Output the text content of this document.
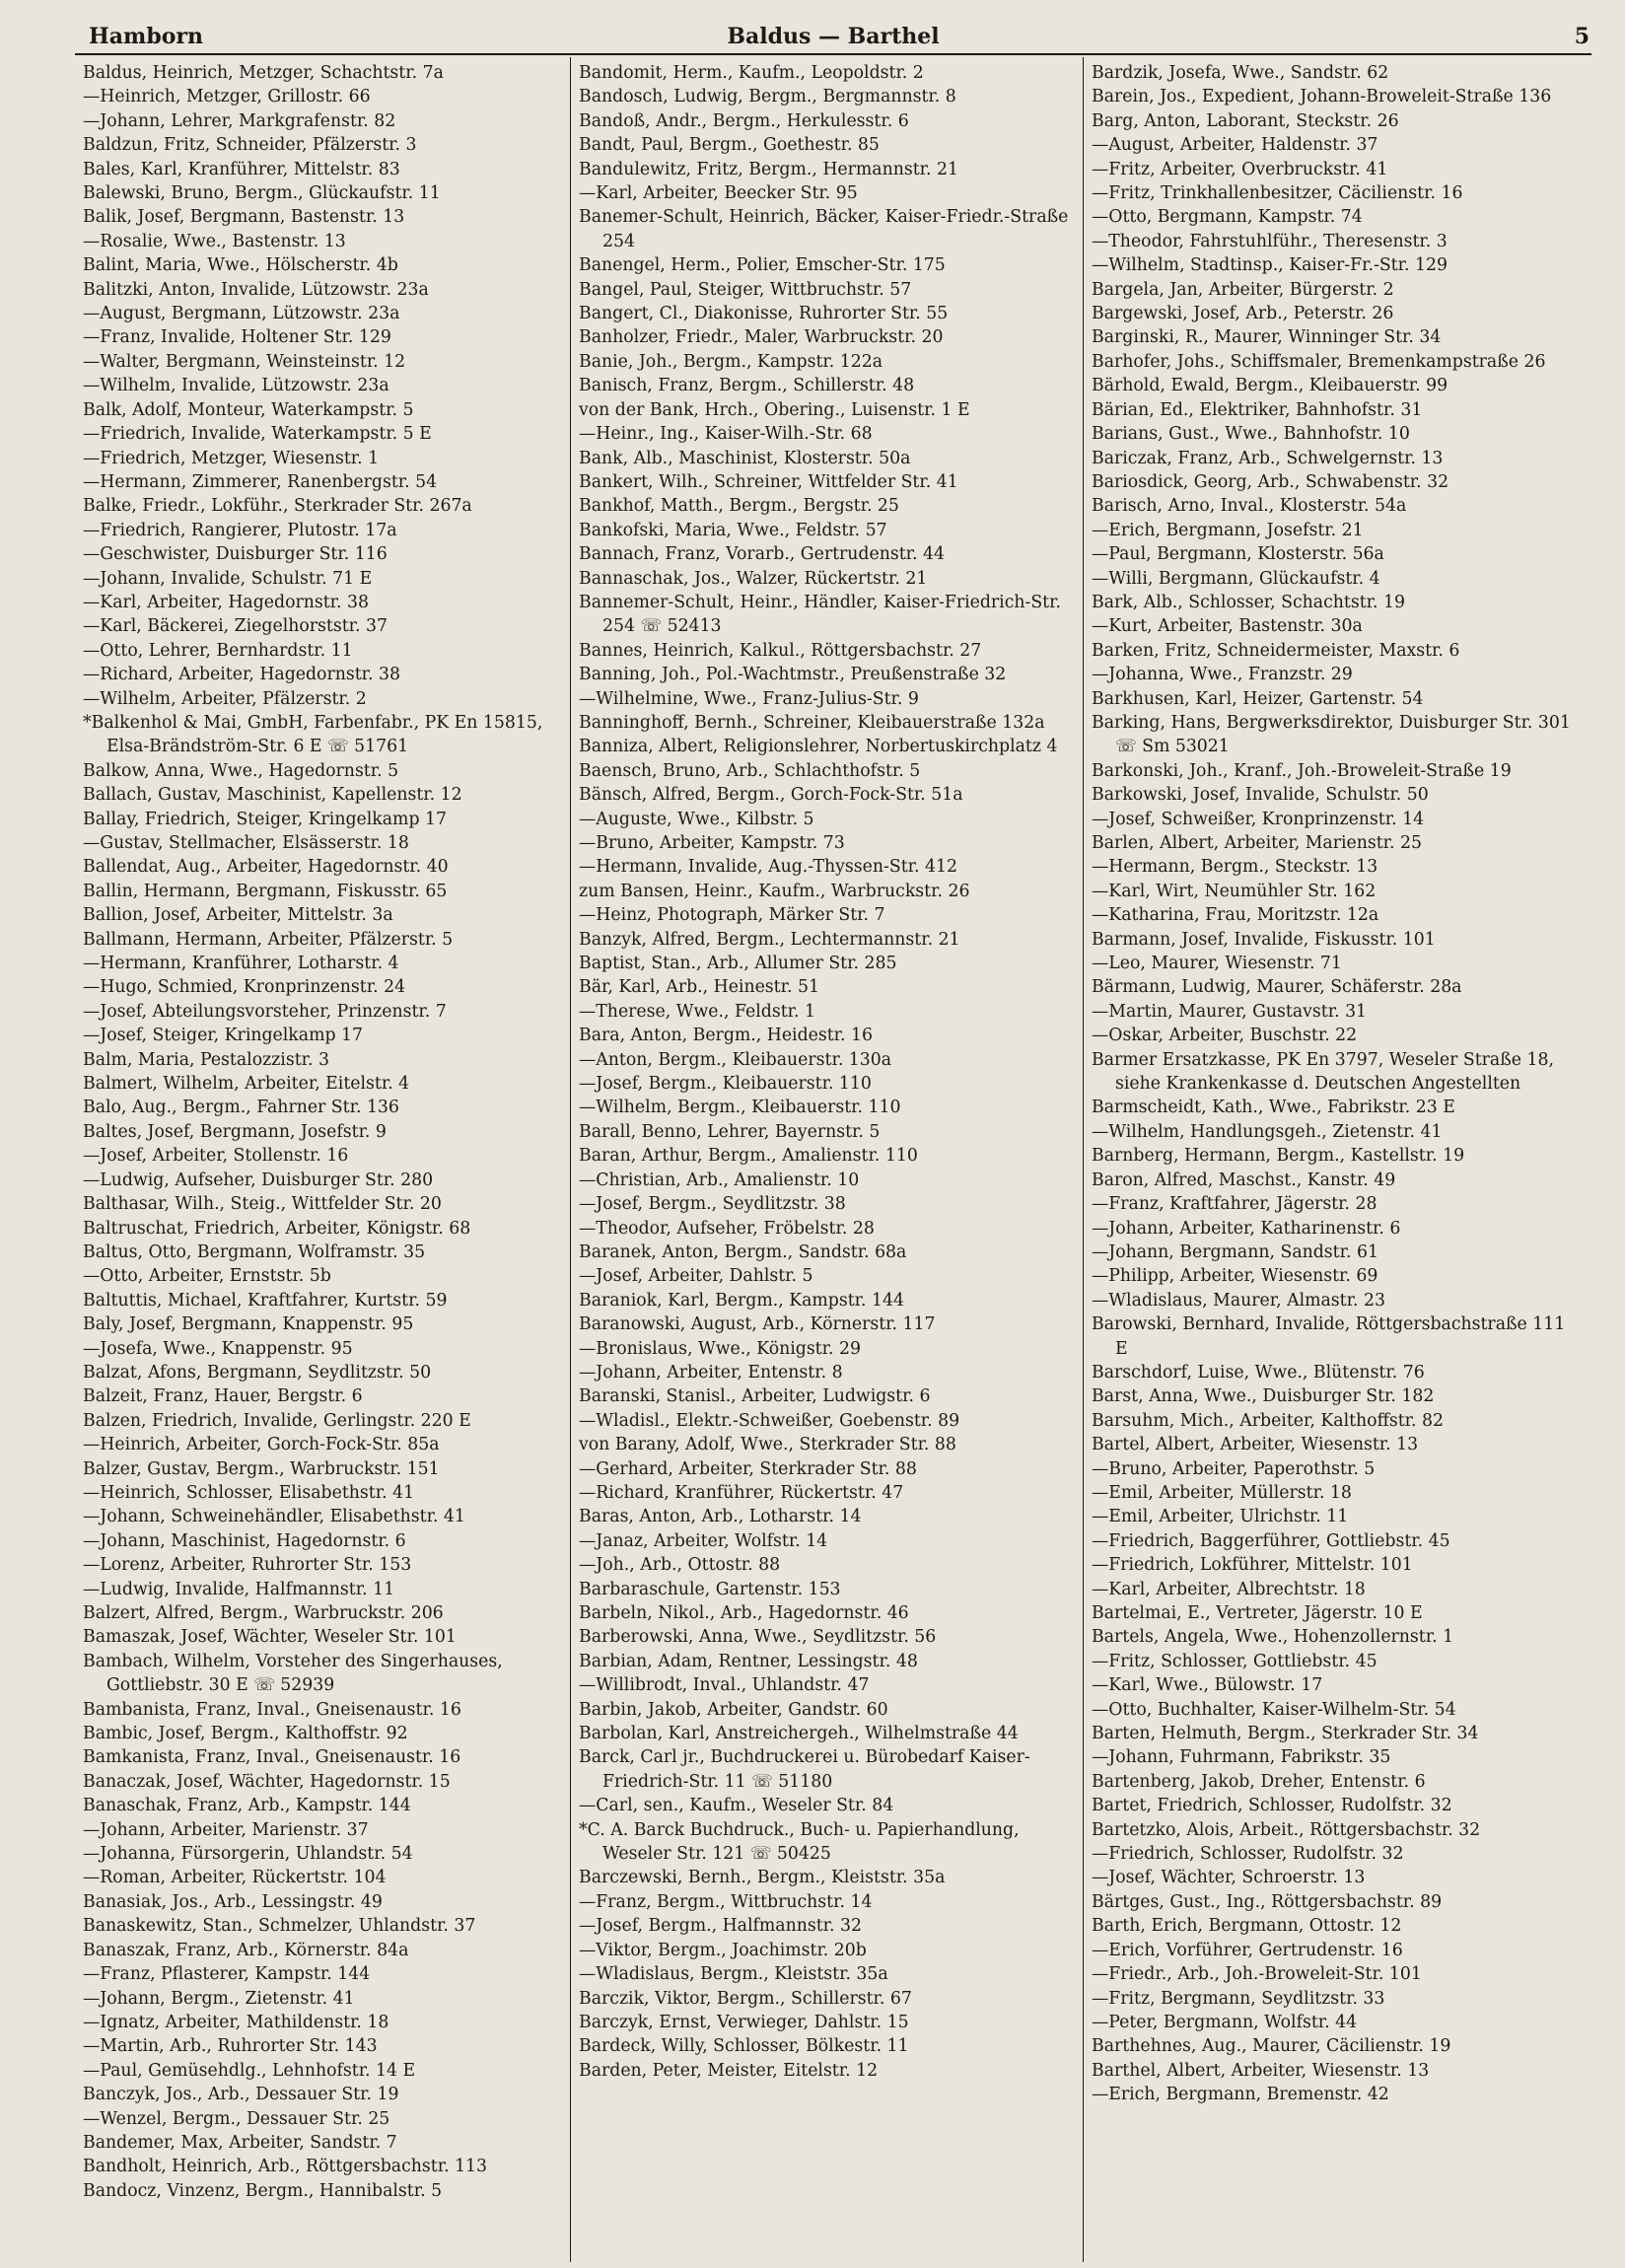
Hamborn	Baldus — Barthel	5

Baldus, Heinrich, Metzger, Schachtstr. 7a

—Heinrich, Metzger, Grillostr. 66

—Johann, Lehrer, Markgrafenstr. 82

Baldzun, Fritz, Schneider, Pfälzerstr. 3

Bales, Karl, Kranführer, Mittelstr. 83

Balewski, Bruno, Bergm., Glückaufstr. 11

Balik, Josef, Bergmann, Bastenstr. 13

—Rosalie, Wwe., Bastenstr. 13

Balint, Maria, Wwe., Hölscherstr. 4b

Balitzki, Anton, Invalide, Lützowstr. 23a

—August, Bergmann, Lützowstr. 23a

—Franz, Invalide, Holtener Str. 129

—Walter, Bergmann, Weinsteinstr. 12

—Wilhelm, Invalide, Lützowstr. 23a

Balk, Adolf, Monteur, Waterkampstr. 5

—Friedrich, Invalide, Waterkampstr. 5 E

—Friedrich, Metzger, Wiesenstr. 1

—Hermann, Zimmerer, Ranenbergstr. 54

Balke, Friedr., Lokführ., Sterkrader Str. 267a

—Friedrich, Rangierer, Plutostr. 17a

—Geschwister, Duisburger Str. 116

—Johann, Invalide, Schulstr. 71 E

—Karl, Arbeiter, Hagedornstr. 38

—Karl, Bäckerei, Ziegelhorststr. 37

—Otto, Lehrer, Bernhardstr. 11

—Richard, Arbeiter, Hagedornstr. 38

—Wilhelm, Arbeiter, Pfälzerstr. 2

*Balkenhol & Mai, GmbH, Farbenfabr., PK En 15815, Elsa-Brändström-Str. 6 E ☏ 51761

Balkow, Anna, Wwe., Hagedornstr. 5

Ballach, Gustav, Maschinist, Kapellenstr. 12

Ballay, Friedrich, Steiger, Kringelkamp 17

—Gustav, Stellmacher, Elsässerstr. 18

Ballendat, Aug., Arbeiter, Hagedornstr. 40

Ballin, Hermann, Bergmann, Fiskusstr. 65

Ballion, Josef, Arbeiter, Mittelstr. 3a

Ballmann, Hermann, Arbeiter, Pfälzerstr. 5

—Hermann, Kranführer, Lotharstr. 4

—Hugo, Schmied, Kronprinzenstr. 24

—Josef, Abteilungsvorsteher, Prinzenstr. 7

—Josef, Steiger, Kringelkamp 17

Balm, Maria, Pestalozzistr. 3

Balmert, Wilhelm, Arbeiter, Eitelstr. 4

Balo, Aug., Bergm., Fahrner Str. 136

Baltes, Josef, Bergmann, Josefstr. 9

—Josef, Arbeiter, Stollenstr. 16

—Ludwig, Aufseher, Duisburger Str. 280

Balthasar, Wilh., Steig., Wittfelder Str. 20

Baltruschat, Friedrich, Arbeiter, Königstr. 68

Baltus, Otto, Bergmann, Wolframstr. 35

—Otto, Arbeiter, Ernststr. 5b

Baltuttis, Michael, Kraftfahrer, Kurtstr. 59

Baly, Josef, Bergmann, Knappenstr. 95

—Josefa, Wwe., Knappenstr. 95

Balzat, Afons, Bergmann, Seydlitzstr. 50

Balzeit, Franz, Hauer, Bergstr. 6

Balzen, Friedrich, Invalide, Gerlingstr. 220 E

—Heinrich, Arbeiter, Gorch-Fock-Str. 85a

Balzer, Gustav, Bergm., Warbruckstr. 151

—Heinrich, Schlosser, Elisabethstr. 41

—Johann, Schweinehändler, Elisabethstr. 41

—Johann, Maschinist, Hagedornstr. 6

—Lorenz, Arbeiter, Ruhrorter Str. 153

—Ludwig, Invalide, Halfmannstr. 11

Balzert, Alfred, Bergm., Warbruckstr. 206

Bamaszak, Josef, Wächter, Weseler Str. 101

Bambach, Wilhelm, Vorsteher des Singerhauses, Gottliebstr. 30 E ☏ 52939

Bambanista, Franz, Inval., Gneisenaustr. 16

Bambic, Josef, Bergm., Kalthoffstr. 92

Bamkanista, Franz, Inval., Gneisenaustr. 16

Banaczak, Josef, Wächter, Hagedornstr. 15

Banaschak, Franz, Arb., Kampstr. 144

—Johann, Arbeiter, Marienstr. 37

—Johanna, Fürsorgerin, Uhlandstr. 54

—Roman, Arbeiter, Rückertstr. 104

Banasiak, Jos., Arb., Lessingstr. 49

Banaskewitz, Stan., Schmelzer, Uhlandstr. 37

Banaszak, Franz, Arb., Körnerstr. 84a

—Franz, Pflasterer, Kampstr. 144

—Johann, Bergm., Zietenstr. 41

—Ignatz, Arbeiter, Mathildenstr. 18

—Martin, Arb., Ruhrorter Str. 143

—Paul, Gemüsehdlg., Lehnhofstr. 14 E

Banczyk, Jos., Arb., Dessauer Str. 19

—Wenzel, Bergm., Dessauer Str. 25

Bandemer, Max, Arbeiter, Sandstr. 7

Bandholt, Heinrich, Arb., Röttgersbachstr. 113

Bandocz, Vinzenz, Bergm., Hannibalstr. 5

Bandomit, Herm., Kaufm., Leopoldstr. 2

Bandosch, Ludwig, Bergm., Bergmannstr. 8

Bandoß, Andr., Bergm., Herkulesstr. 6

Bandt, Paul, Bergm., Goethestr. 85

Bandulewitz, Fritz, Bergm., Hermannstr. 21

—Karl, Arbeiter, Beecker Str. 95

Banemer-Schult, Heinrich, Bäcker, Kaiser-Friedr.-Straße 254

Banengel, Herm., Polier, Emscher-Str. 175

Bangel, Paul, Steiger, Wittbruchstr. 57

Bangert, Cl., Diakonisse, Ruhrorter Str. 55

Banholzer, Friedr., Maler, Warbruckstr. 20

Banie, Joh., Bergm., Kampstr. 122a

Banisch, Franz, Bergm., Schillerstr. 48

von der Bank, Hrch., Obering., Luisenstr. 1 E

—Heinr., Ing., Kaiser-Wilh.-Str. 68

Bank, Alb., Maschinist, Klosterstr. 50a

Bankert, Wilh., Schreiner, Wittfelder Str. 41

Bankhof, Matth., Bergm., Bergstr. 25

Bankofski, Maria, Wwe., Feldstr. 57

Bannach, Franz, Vorarb., Gertrudenstr. 44

Bannaschak, Jos., Walzer, Rückertstr. 21

Bannemer-Schult, Heinr., Händler, Kaiser-Friedrich-Str. 254 ☏ 52413

Bannes, Heinrich, Kalkul., Röttgersbachstr. 27

Banning, Joh., Pol.-Wachtmstr., Preußenstraße 32

—Wilhelmine, Wwe., Franz-Julius-Str. 9

Banninghoff, Bernh., Schreiner, Kleibauerstraße 132a

Banniza, Albert, Religionslehrer, Norbertuskirchplatz 4

Baensch, Bruno, Arb., Schlachthofstr. 5

Bänsch, Alfred, Bergm., Gorch-Fock-Str. 51a

—Auguste, Wwe., Kilbstr. 5

—Bruno, Arbeiter, Kampstr. 73

—Hermann, Invalide, Aug.-Thyssen-Str. 412

zum Bansen, Heinr., Kaufm., Warbruckstr. 26

—Heinz, Photograph, Märker Str. 7

Banzyk, Alfred, Bergm., Lechtermannstr. 21

Baptist, Stan., Arb., Allumer Str. 285

Bär, Karl, Arb., Heinestr. 51

—Therese, Wwe., Feldstr. 1

Bara, Anton, Bergm., Heidestr. 16

—Anton, Bergm., Kleibauerstr. 130a

—Josef, Bergm., Kleibauerstr. 110

—Wilhelm, Bergm., Kleibauerstr. 110

Barall, Benno, Lehrer, Bayernstr. 5

Baran, Arthur, Bergm., Amalienstr. 110

—Christian, Arb., Amalienstr. 10

—Josef, Bergm., Seydlitzstr. 38

—Theodor, Aufseher, Fröbelstr. 28

Baranek, Anton, Bergm., Sandstr. 68a

—Josef, Arbeiter, Dahlstr. 5

Baraniok, Karl, Bergm., Kampstr. 144

Baranowski, August, Arb., Körnerstr. 117

—Bronislaus, Wwe., Königstr. 29

—Johann, Arbeiter, Entenstr. 8

Baranski, Stanisl., Arbeiter, Ludwigstr. 6

—Wladisl., Elektr.-Schweißer, Goebenstr. 89

von Barany, Adolf, Wwe., Sterkrader Str. 88

—Gerhard, Arbeiter, Sterkrader Str. 88

—Richard, Kranführer, Rückertstr. 47

Baras, Anton, Arb., Lotharstr. 14

—Janaz, Arbeiter, Wolfstr. 14

—Joh., Arb., Ottostr. 88

Barbaraschule, Gartenstr. 153

Barbeln, Nikol., Arb., Hagedornstr. 46

Barberowski, Anna, Wwe., Seydlitzstr. 56

Barbian, Adam, Rentner, Lessingstr. 48

—Willibrodt, Inval., Uhlandstr. 47

Barbin, Jakob, Arbeiter, Gandstr. 60

Barbolan, Karl, Anstreichergeh., Wilhelmstraße 44

Barck, Carl jr., Buchdruckerei u. Bürobedarf Kaiser-Friedrich-Str. 11 ☏ 51180

—Carl, sen., Kaufm., Weseler Str. 84

*C. A. Barck Buchdruck., Buch- u. Papierhandlung, Weseler Str. 121 ☏ 50425

Barczewski, Bernh., Bergm., Kleiststr. 35a

—Franz, Bergm., Wittbruchstr. 14

—Josef, Bergm., Halfmannstr. 32

—Viktor, Bergm., Joachimstr. 20b

—Wladislaus, Bergm., Kleiststr. 35a

Barczik, Viktor, Bergm., Schillerstr. 67

Barczyk, Ernst, Verwieger, Dahlstr. 15

Bardeck, Willy, Schlosser, Bölkestr. 11

Barden, Peter, Meister, Eitelstr. 12

Bardzik, Josefa, Wwe., Sandstr. 62

Barein, Jos., Expedient, Johann-Broweleit-Straße 136

Barg, Anton, Laborant, Steckstr. 26

—August, Arbeiter, Haldenstr. 37

—Fritz, Arbeiter, Overbruckstr. 41

—Fritz, Trinkhallenbesitzer, Cäcilienstr. 16

—Otto, Bergmann, Kampstr. 74

—Theodor, Fahrstuhlführ., Theresenstr. 3

—Wilhelm, Stadtinsp., Kaiser-Fr.-Str. 129

Bargela, Jan, Arbeiter, Bürgerstr. 2

Bargewski, Josef, Arb., Peterstr. 26

Barginski, R., Maurer, Winninger Str. 34

Barhofer, Johs., Schiffsmaler, Bremenkampstraße 26

Bärhold, Ewald, Bergm., Kleibauerstr. 99

Bärian, Ed., Elektriker, Bahnhofstr. 31

Barians, Gust., Wwe., Bahnhofstr. 10

Bariczak, Franz, Arb., Schwelgernstr. 13

Bariosdick, Georg, Arb., Schwabenstr. 32

Barisch, Arno, Inval., Klosterstr. 54a

—Erich, Bergmann, Josefstr. 21

—Paul, Bergmann, Klosterstr. 56a

—Willi, Bergmann, Glückaufstr. 4

Bark, Alb., Schlosser, Schachtstr. 19

—Kurt, Arbeiter, Bastenstr. 30a

Barken, Fritz, Schneidermeister, Maxstr. 6

—Johanna, Wwe., Franzstr. 29

Barkhusen, Karl, Heizer, Gartenstr. 54

Barking, Hans, Bergwerksdirektor, Duisburger Str. 301 ☏ Sm 53021

Barkonski, Joh., Kranf., Joh.-Broweleit-Straße 19

Barkowski, Josef, Invalide, Schulstr. 50

—Josef, Schweißer, Kronprinzenstr. 14

Barlen, Albert, Arbeiter, Marienstr. 25

—Hermann, Bergm., Steckstr. 13

—Karl, Wirt, Neumühler Str. 162

—Katharina, Frau, Moritzstr. 12a

Barmann, Josef, Invalide, Fiskusstr. 101

—Leo, Maurer, Wiesenstr. 71

Bärmann, Ludwig, Maurer, Schäferstr. 28a

—Martin, Maurer, Gustavstr. 31

—Oskar, Arbeiter, Buschstr. 22

Barmer Ersatzkasse, PK En 3797, Weseler Straße 18, siehe Krankenkasse d. Deutschen Angestellten

Barmscheidt, Kath., Wwe., Fabrikstr. 23 E

—Wilhelm, Handlungsgeh., Zietenstr. 41

Barnberg, Hermann, Bergm., Kastellstr. 19

Baron, Alfred, Maschst., Kanstr. 49

—Franz, Kraftfahrer, Jägerstr. 28

—Johann, Arbeiter, Katharinenstr. 6

—Johann, Bergmann, Sandstr. 61

—Philipp, Arbeiter, Wiesenstr. 69

—Wladislaus, Maurer, Almastr. 23

Barowski, Bernhard, Invalide, Röttgersbachstraße 111 E

Barschdorf, Luise, Wwe., Blütenstr. 76

Barst, Anna, Wwe., Duisburger Str. 182

Barsuhm, Mich., Arbeiter, Kalthoffstr. 82

Bartel, Albert, Arbeiter, Wiesenstr. 13

—Bruno, Arbeiter, Paperothstr. 5

—Emil, Arbeiter, Müllerstr. 18

—Emil, Arbeiter, Ulrichstr. 11

—Friedrich, Baggerführer, Gottliebstr. 45

—Friedrich, Lokführer, Mittelstr. 101

—Karl, Arbeiter, Albrechtstr. 18

Bartelmai, E., Vertreter, Jägerstr. 10 E

Bartels, Angela, Wwe., Hohenzollernstr. 1

—Fritz, Schlosser, Gottliebstr. 45

—Karl, Wwe., Bülowstr. 17

—Otto, Buchhalter, Kaiser-Wilhelm-Str. 54

Barten, Helmuth, Bergm., Sterkrader Str. 34

—Johann, Fuhrmann, Fabrikstr. 35

Bartenberg, Jakob, Dreher, Entenstr. 6

Bartet, Friedrich, Schlosser, Rudolfstr. 32

Bartetzko, Alois, Arbeit., Röttgersbachstr. 32

—Friedrich, Schlosser, Rudolfstr. 32

—Josef, Wächter, Schroerstr. 13

Bärtges, Gust., Ing., Röttgersbachstr. 89

Barth, Erich, Bergmann, Ottostr. 12

—Erich, Vorführer, Gertrudenstr. 16

—Friedr., Arb., Joh.-Broweleit-Str. 101

—Fritz, Bergmann, Seydlitzstr. 33

—Peter, Bergmann, Wolfstr. 44

Barthehnes, Aug., Maurer, Cäcilienstr. 19

Barthel, Albert, Arbeiter, Wiesenstr. 13

—Erich, Bergmann, Bremenstr. 42
